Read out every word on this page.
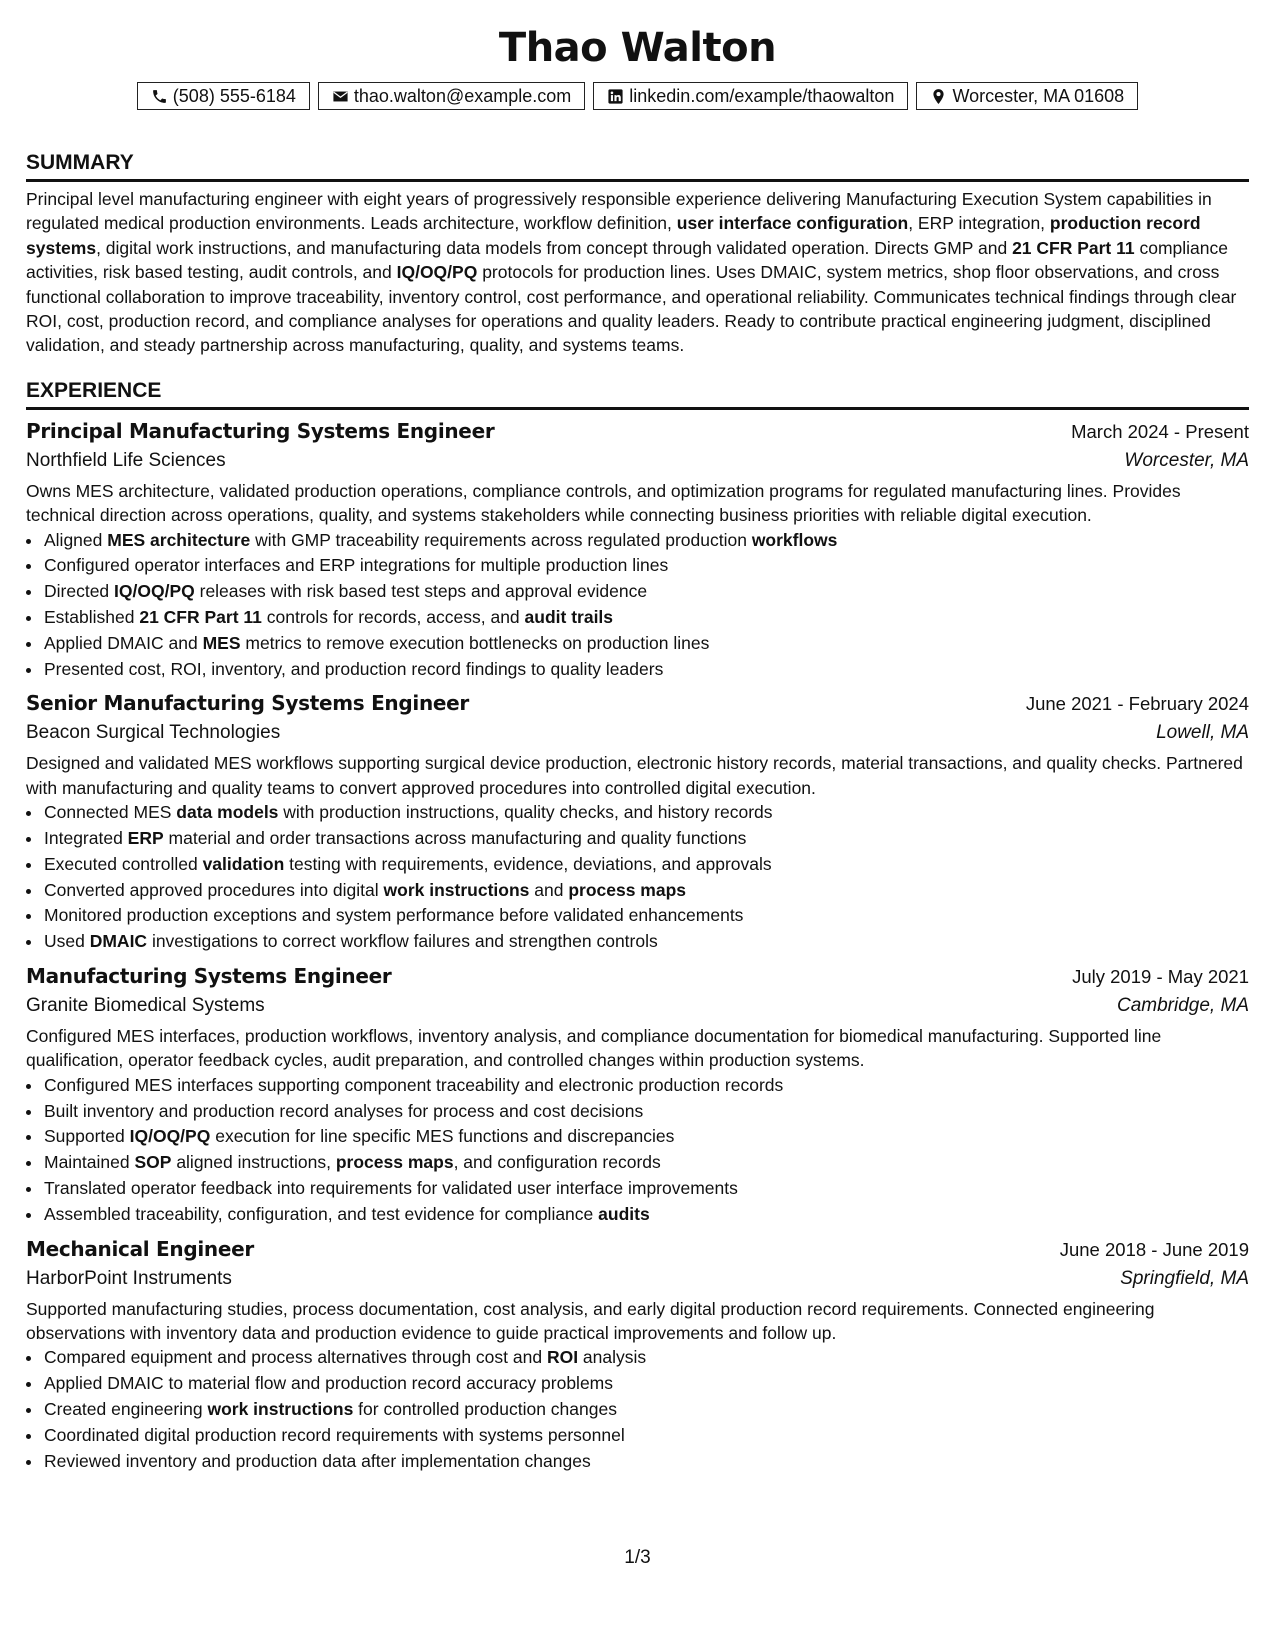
Thao Walton
(508) 555-6184	thao.walton@example.com	linkedin.com/example/thaowalton	Worcester, MA 01608
SUMMARY
Principal level manufacturing engineer with eight years of progressively responsible experience delivering Manufacturing Execution System capabilities in regulated medical production environments. Leads architecture, workflow definition, user interface configuration, ERP integration, production record systems, digital work instructions, and manufacturing data models from concept through validated operation. Directs GMP and 21 CFR Part 11 compliance activities, risk based testing, audit controls, and IQ/OQ/PQ protocols for production lines. Uses DMAIC, system metrics, shop floor observations, and cross functional collaboration to improve traceability, inventory control, cost performance, and operational reliability. Communicates technical findings through clear ROI, cost, production record, and compliance analyses for operations and quality leaders. Ready to contribute practical engineering judgment, disciplined validation, and steady partnership across manufacturing, quality, and systems teams.
EXPERIENCE
Principal Manufacturing Systems Engineer	March 2024 - Present
Northfield Life Sciences	Worcester, MA
Owns MES architecture, validated production operations, compliance controls, and optimization programs for regulated manufacturing lines. Provides technical direction across operations, quality, and systems stakeholders while connecting business priorities with reliable digital execution.
• Aligned MES architecture with GMP traceability requirements across regulated production workflows
• Configured operator interfaces and ERP integrations for multiple production lines
• Directed IQ/OQ/PQ releases with risk based test steps and approval evidence
• Established 21 CFR Part 11 controls for records, access, and audit trails
• Applied DMAIC and MES metrics to remove execution bottlenecks on production lines
• Presented cost, ROI, inventory, and production record findings to quality leaders
Senior Manufacturing Systems Engineer	June 2021 - February 2024
Beacon Surgical Technologies	Lowell, MA
Designed and validated MES workflows supporting surgical device production, electronic history records, material transactions, and quality checks. Partnered with manufacturing and quality teams to convert approved procedures into controlled digital execution.
• Connected MES data models with production instructions, quality checks, and history records
• Integrated ERP material and order transactions across manufacturing and quality functions
• Executed controlled validation testing with requirements, evidence, deviations, and approvals
• Converted approved procedures into digital work instructions and process maps
• Monitored production exceptions and system performance before validated enhancements
• Used DMAIC investigations to correct workflow failures and strengthen controls
Manufacturing Systems Engineer	July 2019 - May 2021
Granite Biomedical Systems	Cambridge, MA
Configured MES interfaces, production workflows, inventory analysis, and compliance documentation for biomedical manufacturing. Supported line qualification, operator feedback cycles, audit preparation, and controlled changes within production systems.
• Configured MES interfaces supporting component traceability and electronic production records
• Built inventory and production record analyses for process and cost decisions
• Supported IQ/OQ/PQ execution for line specific MES functions and discrepancies
• Maintained SOP aligned instructions, process maps, and configuration records
• Translated operator feedback into requirements for validated user interface improvements
• Assembled traceability, configuration, and test evidence for compliance audits
Mechanical Engineer	June 2018 - June 2019
HarborPoint Instruments	Springfield, MA
Supported manufacturing studies, process documentation, cost analysis, and early digital production record requirements. Connected engineering observations with inventory data and production evidence to guide practical improvements and follow up.
• Compared equipment and process alternatives through cost and ROI analysis
• Applied DMAIC to material flow and production record accuracy problems
• Created engineering work instructions for controlled production changes
• Coordinated digital production record requirements with systems personnel
• Reviewed inventory and production data after implementation changes
1/3
